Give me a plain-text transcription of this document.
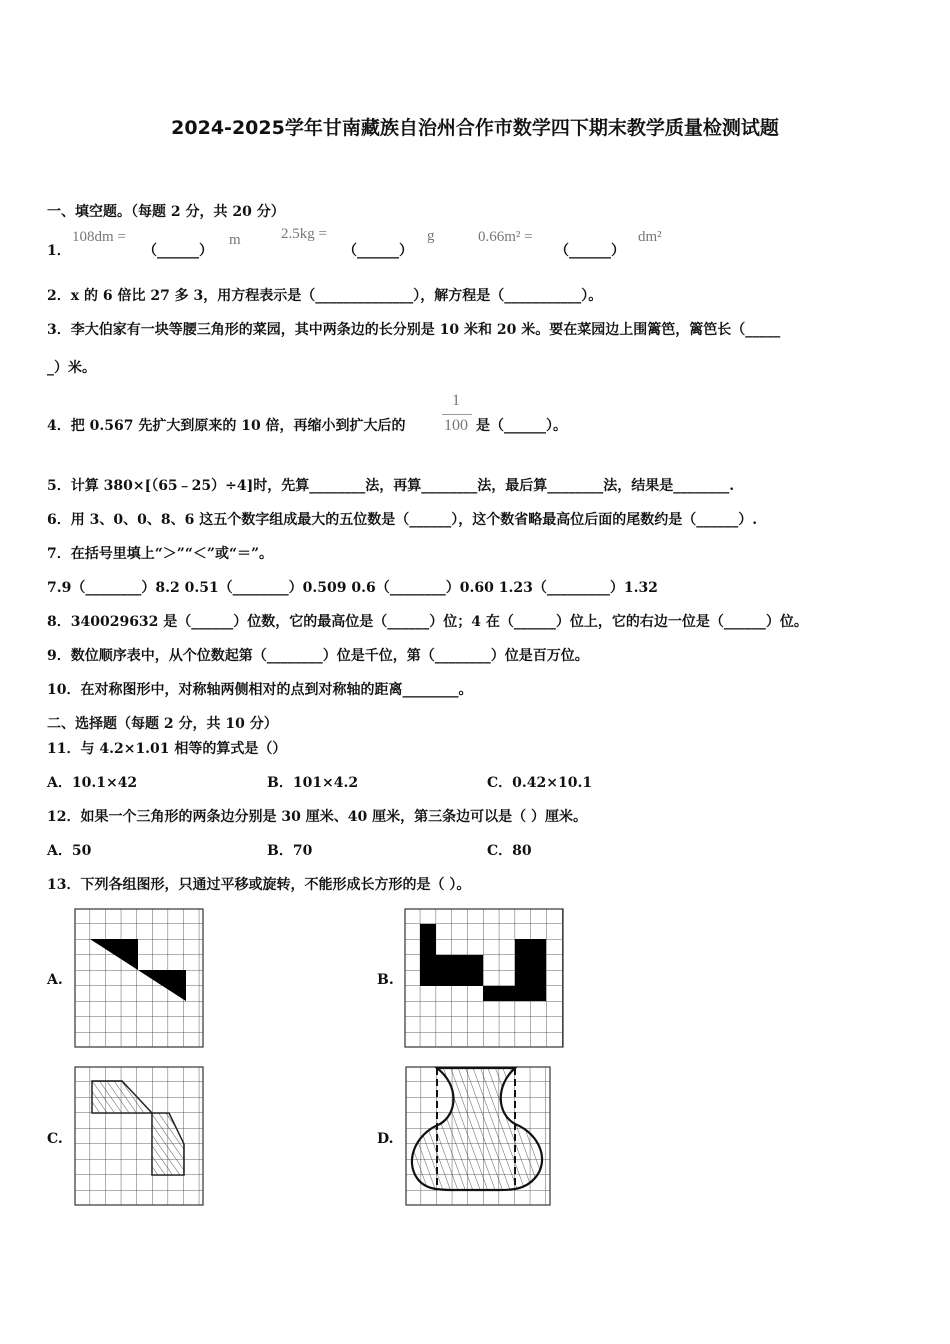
2024-2025学年甘南藏族自治州合作市数学四下期末教学质量检测试题
一、填空题。（每题 2 分，共 20 分）
1．
108dm =
（______）
m	2.5kg =
（______）
g	0.66m² =
（______）
dm²
2．x 的 6 倍比 27 多 3，用方程表示是（______________），解方程是（___________）。
3．李大伯家有一块等腰三角形的菜园，其中两条边的长分别是 10 米和 20 米。要在菜园边上围篱笆，篱笆长（_____
_）米。
4．把 0.567 先扩大到原来的 10 倍，再缩小到扩大后的
1
100 是（______）。
5．计算 380×[（65﹣25）÷4]时，先算________法，再算________法，最后算________法，结果是________.
6．用 3、0、0、8、6 这五个数字组成最大的五位数是（______），这个数省略最高位后面的尾数约是（______）.
7．在括号里填上“＞”“＜”或“＝”。
7.9（________）8.2 0.51（________）0.509 0.6（________）0.60 1.23（_________）1.32
8．340029632 是（______）位数，它的最高位是（______）位；4 在（______）位上，它的右边一位是（______）位。
9．数位顺序表中，从个位数起第（________）位是千位，第（________）位是百万位。
10．在对称图形中，对称轴两侧相对的点到对称轴的距离________。
二、选择题（每题 2 分，共 10 分）
11．与 4.2×1.01 相等的算式是（）
A．10.1×42	B．101×4.2	C．0.42×10.1
12．如果一个三角形的两条边分别是 30 厘米、40 厘米，第三条边可以是（ ）厘米。
A．50	B．70	C．80
13．下列各组图形，只通过平移或旋转，不能形成长方形的是（ ）。
A.	B.
C.	D.
